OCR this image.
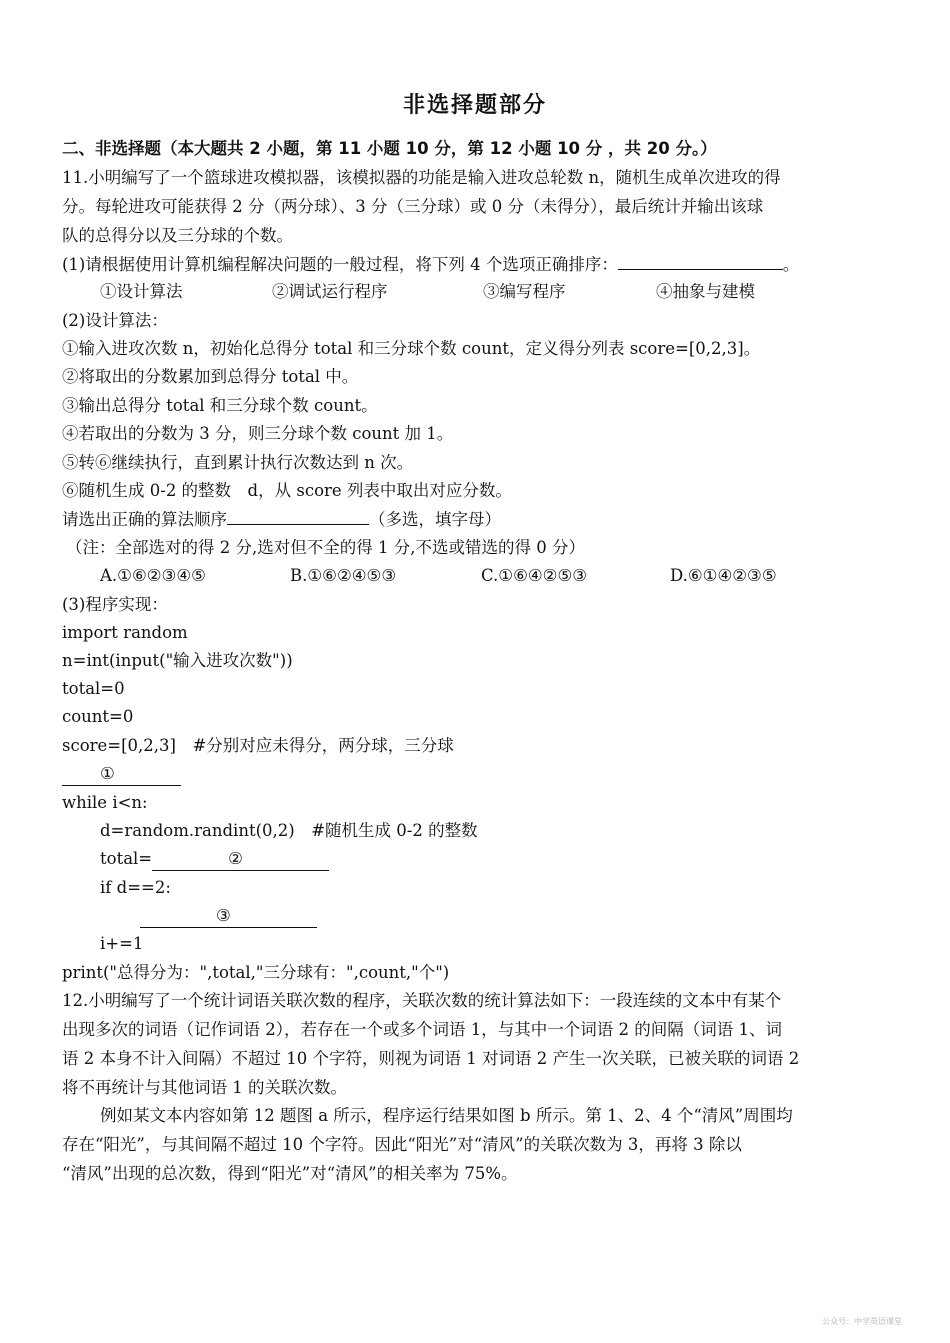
非选择题部分
二、非选择题（本大题共 2 小题，第 11 小题 10 分，第 12 小题 10 分 ，共 20 分。）
11.小明编写了一个篮球进攻模拟器，该模拟器的功能是输入进攻总轮数 n，随机生成单次进攻的得
分。每轮进攻可能获得 2 分（两分球）、3 分（三分球）或 0 分（未得分），最后统计并输出该球
队的总得分以及三分球的个数。
(1)请根据使用计算机编程解决问题的一般过程，将下列 4 个选项正确排序：	。
①设计算法	②调试运行程序	③编写程序	④抽象与建模
(2)设计算法：
①输入进攻次数 n，初始化总得分 total 和三分球个数 count，定义得分列表 score=[0,2,3]。
②将取出的分数累加到总得分 total 中。
③输出总得分 total 和三分球个数 count。
④若取出的分数为 3 分，则三分球个数 count 加 1。
⑤转⑥继续执行，直到累计执行次数达到 n 次。
⑥随机生成 0-2 的整数　d，从 score 列表中取出对应分数。
请选出正确的算法顺序	（多选，填字母）
（注：全部选对的得 2 分,选对但不全的得 1 分,不选或错选的得 0 分）
A.①⑥②③④⑤	B.①⑥②④⑤③	C.①⑥④②⑤③	D.⑥①④②③⑤
(3)程序实现：
import random
n=int(input("输入进攻次数"))
total=0
count=0
score=[0,2,3]　#分别对应未得分，两分球，三分球
①
while i<n:
d=random.randint(0,2)　#随机生成 0-2 的整数
total=	②
if d==2:
③
i+=1
print("总得分为：",total,"三分球有：",count,"个")
12.小明编写了一个统计词语关联次数的程序，关联次数的统计算法如下：一段连续的文本中有某个
出现多次的词语（记作词语 2），若存在一个或多个词语 1，与其中一个词语 2 的间隔（词语 1、词
语 2 本身不计入间隔）不超过 10 个字符，则视为词语 1 对词语 2 产生一次关联，已被关联的词语 2
将不再统计与其他词语 1 的关联次数。
例如某文本内容如第 12 题图 a 所示，程序运行结果如图 b 所示。第 1、2、4 个“清风”周围均
存在“阳光”，与其间隔不超过 10 个字符。因此“阳光”对“清风”的关联次数为 3，再将 3 除以
“清风”出现的总次数，得到“阳光”对“清风”的相关率为 75%。
公众号：中学英语课堂
